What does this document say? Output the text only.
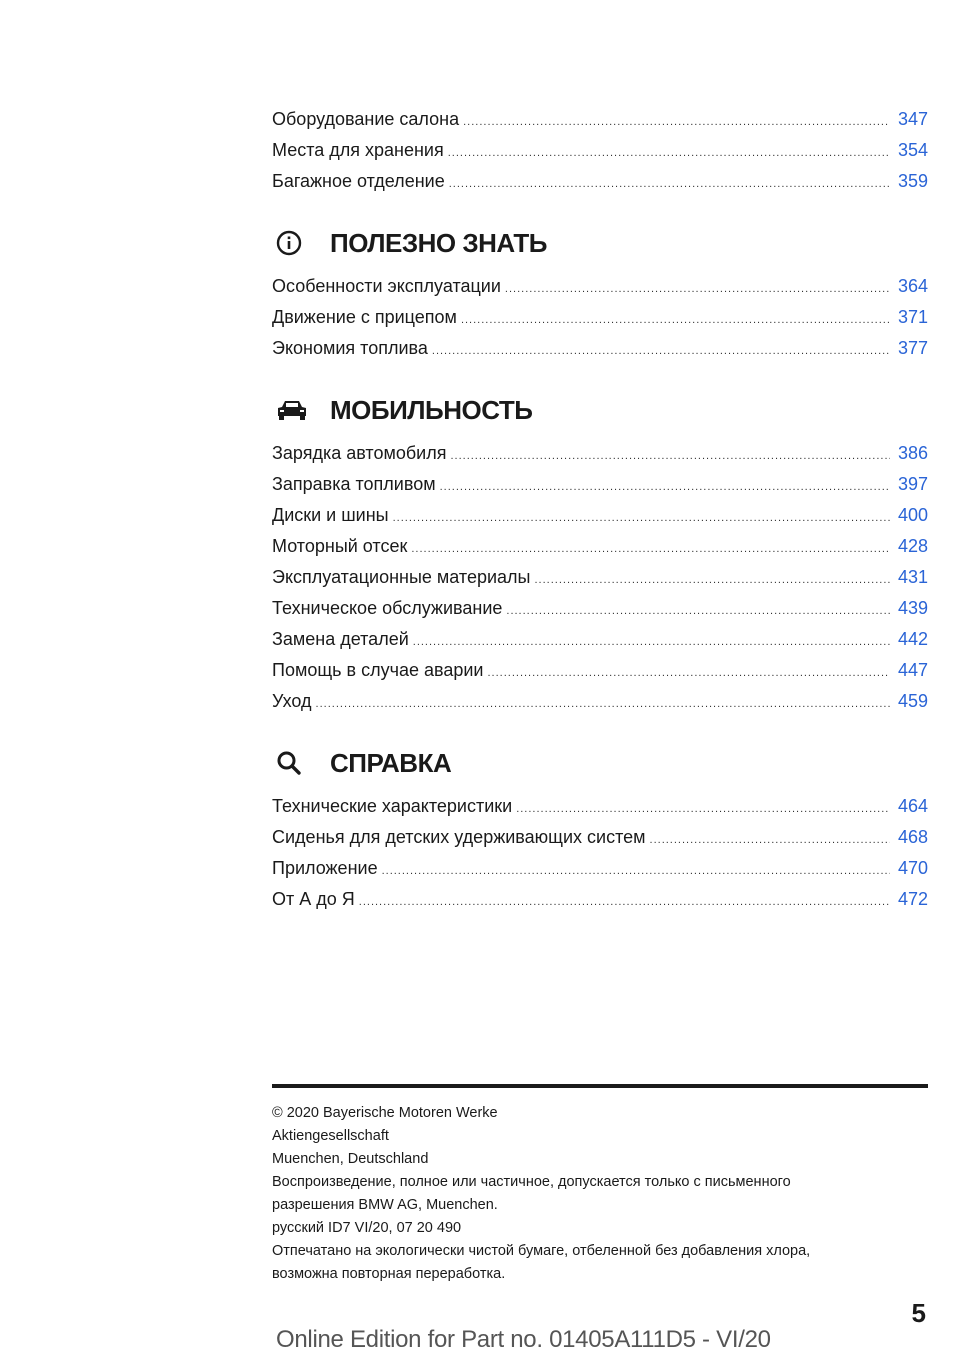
Оборудование салона .....	347
Места для хранения .....	354
Багажное отделение .....	359
ПОЛЕЗНО ЗНАТЬ
Особенности эксплуатации .....	364
Движение с прицепом .....	371
Экономия топлива .....	377
МОБИЛЬНОСТЬ
Зарядка автомобиля .....	386
Заправка топливом .....	397
Диски и шины .....	400
Моторный отсек .....	428
Эксплуатационные материалы .....	431
Техническое обслуживание .....	439
Замена деталей .....	442
Помощь в случае аварии .....	447
Уход .....	459
СПРАВКА
Технические характеристики .....	464
Сиденья для детских удерживающих систем .....	468
Приложение .....	470
От А до Я .....	472
© 2020 Bayerische Motoren Werke
Aktiengesellschaft
Muenchen, Deutschland
Воспроизведение, полное или частичное, допускается только с письменного
разрешения BMW AG, Muenchen.
русский ID7 VI/20, 07 20 490
Отпечатано на экологически чистой бумаге, отбеленной без добавления хлора,
возможна повторная переработка.
5
Online Edition for Part no. 01405A111D5 - VI/20
